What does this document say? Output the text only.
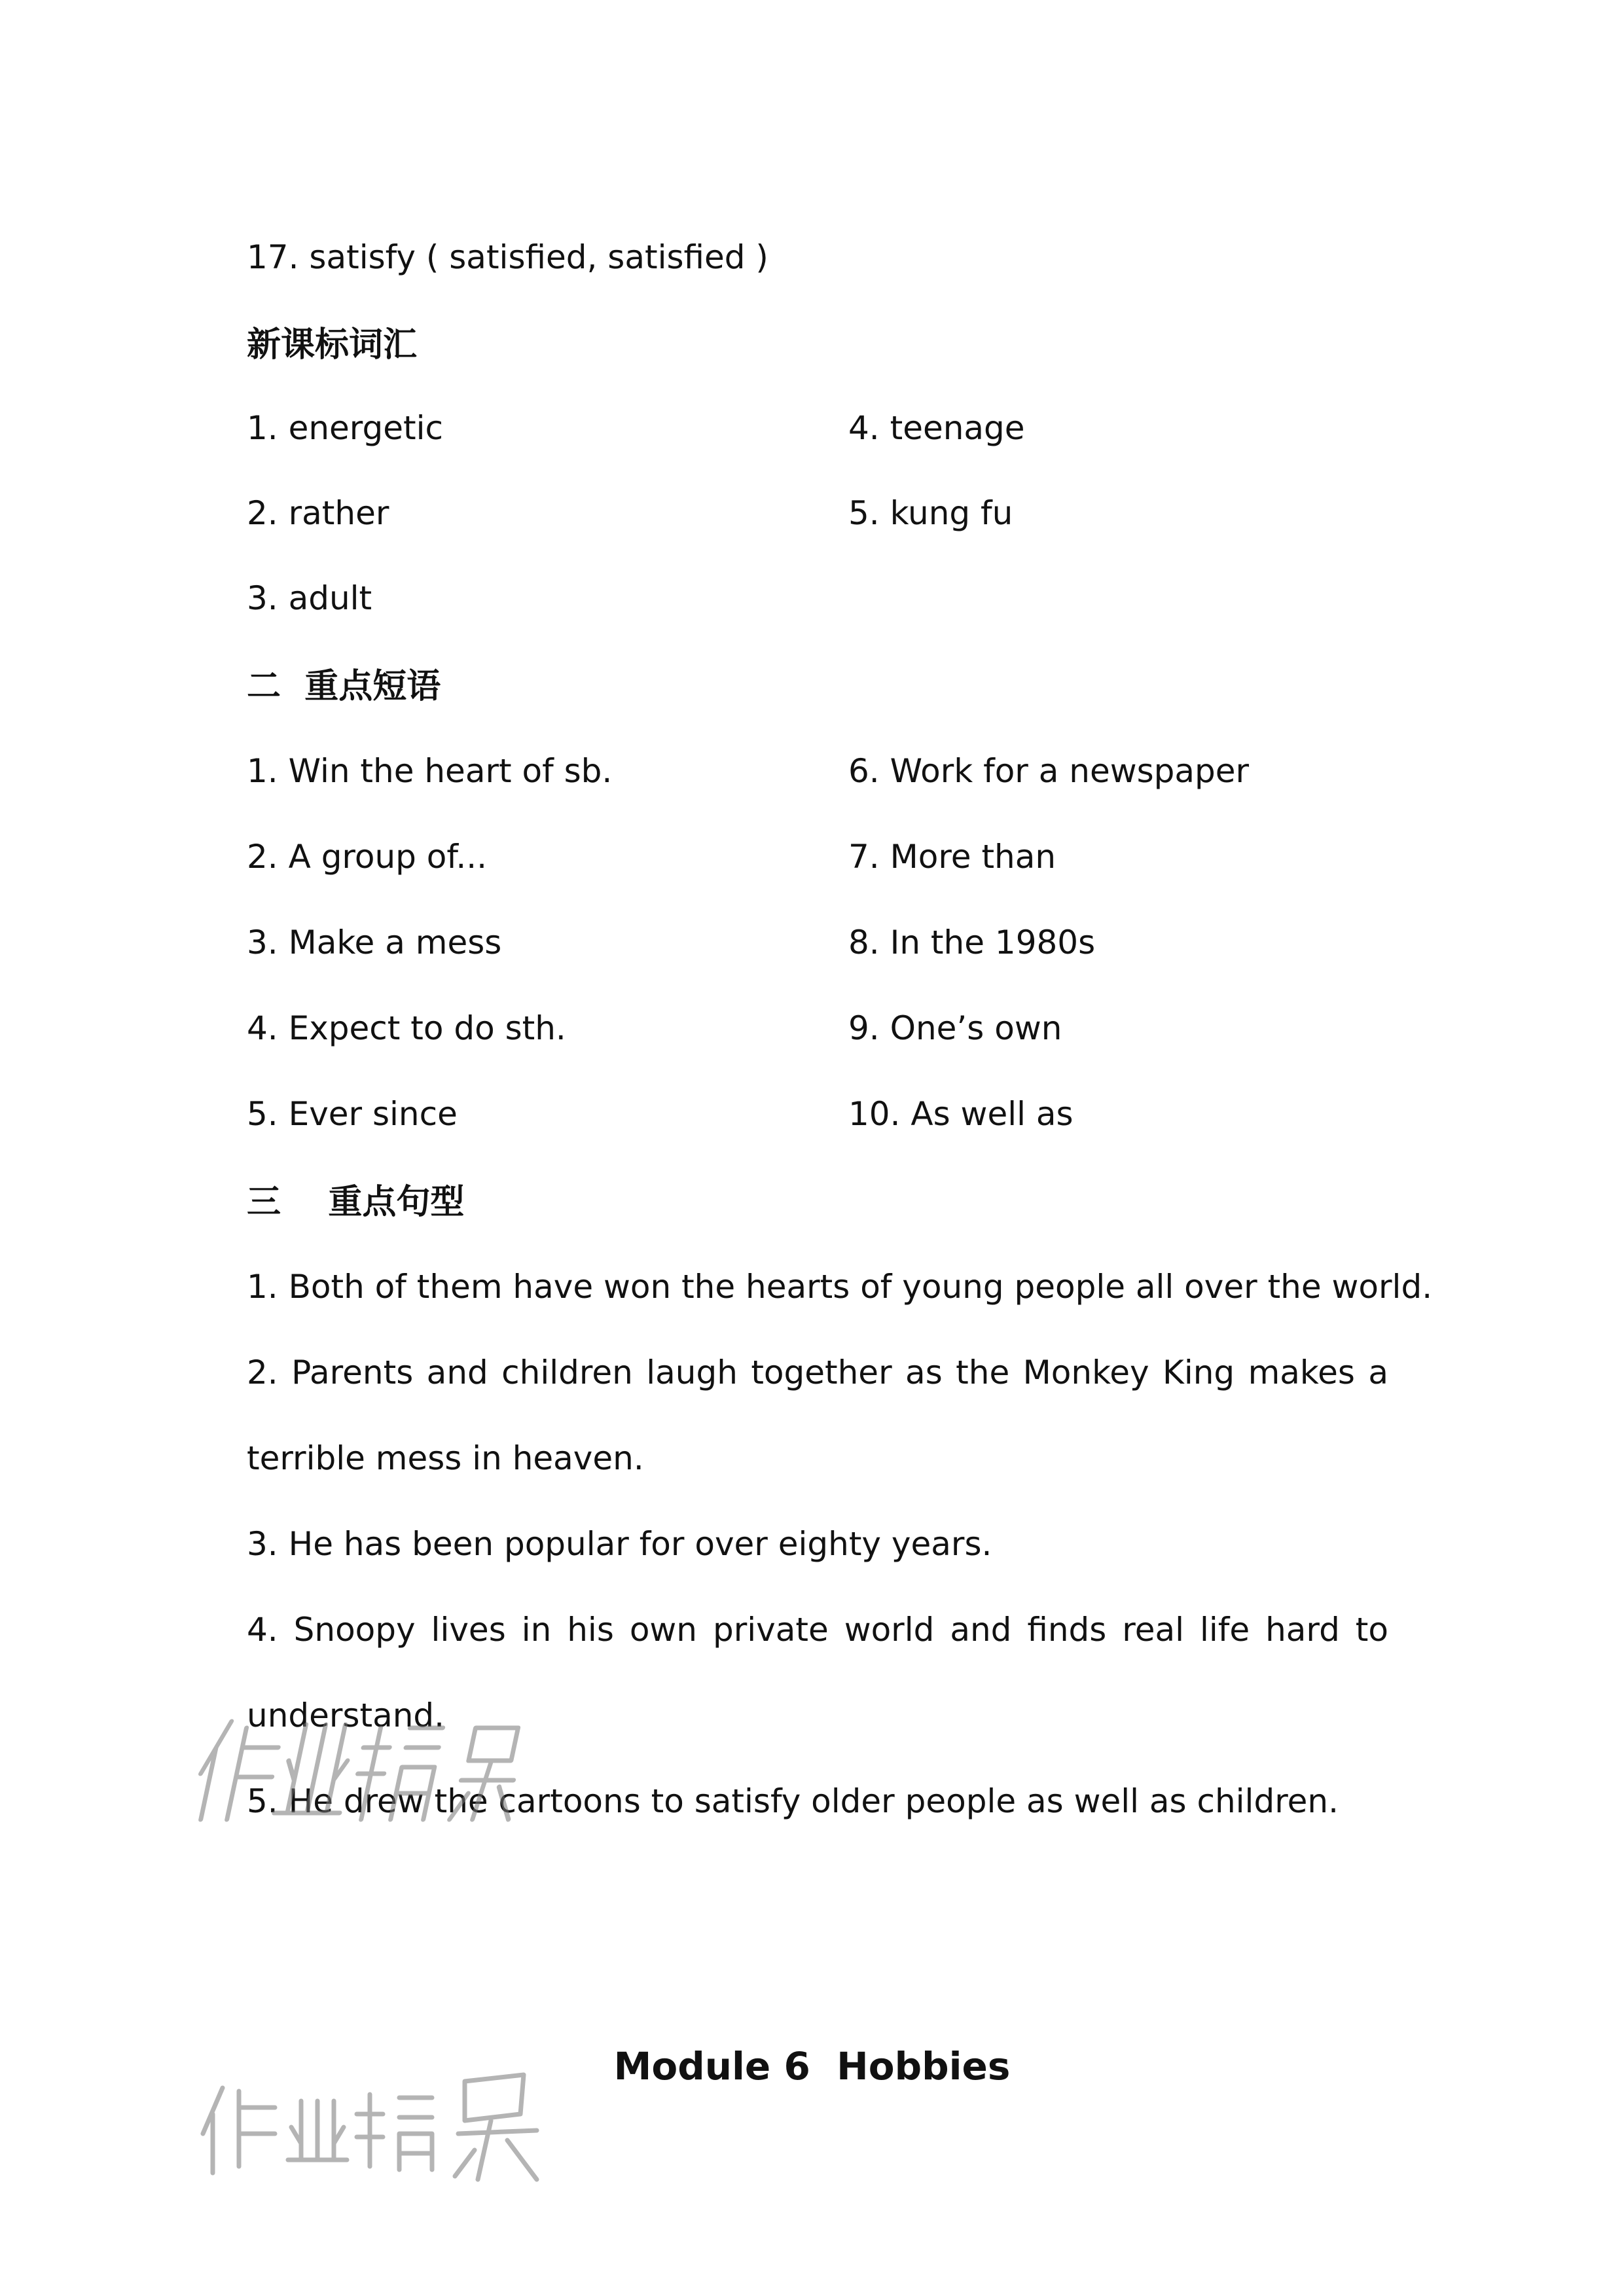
17. satisfy ( satisfied, satisfied )
新课标词汇
1. energetic	4. teenage
2. rather	5. kung fu
3. adult
二  重点短语
1. Win the heart of sb.	6. Work for a newspaper
2. A group of...	7. More than
3. Make a mess	8. In the 1980s
4. Expect to do sth.	9. One’s own
5. Ever since	10. As well as
三    重点句型
1. Both of them have won the hearts of young people all over the world.
2. Parents and children laugh together as the Monkey King makes a
terrible mess in heaven.
3. He has been popular for over eighty years.
4. Snoopy lives in his own private world and finds real life hard to
understand.
5. He drew the cartoons to satisfy older people as well as children.
Module 6  Hobbies
